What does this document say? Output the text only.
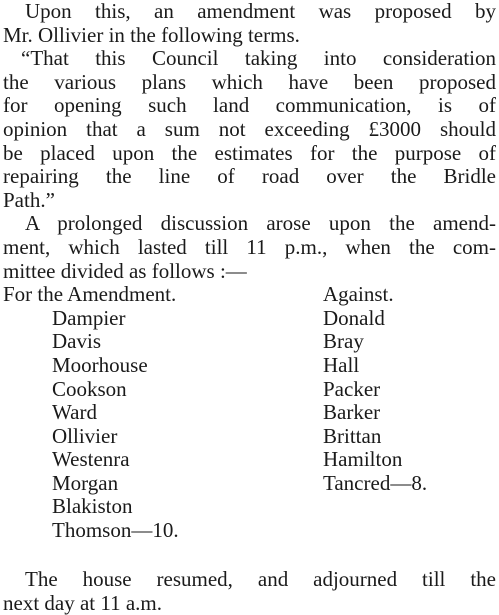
Upon this, an amendment was proposed by
Mr. Ollivier in the following terms.

“That this Council taking into consideration
the various plans which have been proposed
for opening such land communication, is of
opinion that a sum not exceeding £3000 should
be placed upon the estimates for the purpose of
repairing the line of road over the Bridle
Path.”

A prolonged discussion arose upon the amend-
ment, which lasted till 11 p.m., when the com-
mittee divided as follows :—

For the Amendment.
Dampier
Davis
Moorhouse
Cookson
Ward
Ollivier
Westenra
Morgan
Blakiston
Thomson—10.
Against.
Donald
Bray
Hall
Packer
Barker
Brittan
Hamilton
Tancred—8.

The house resumed, and adjourned till the
next day at 11 a.m.
